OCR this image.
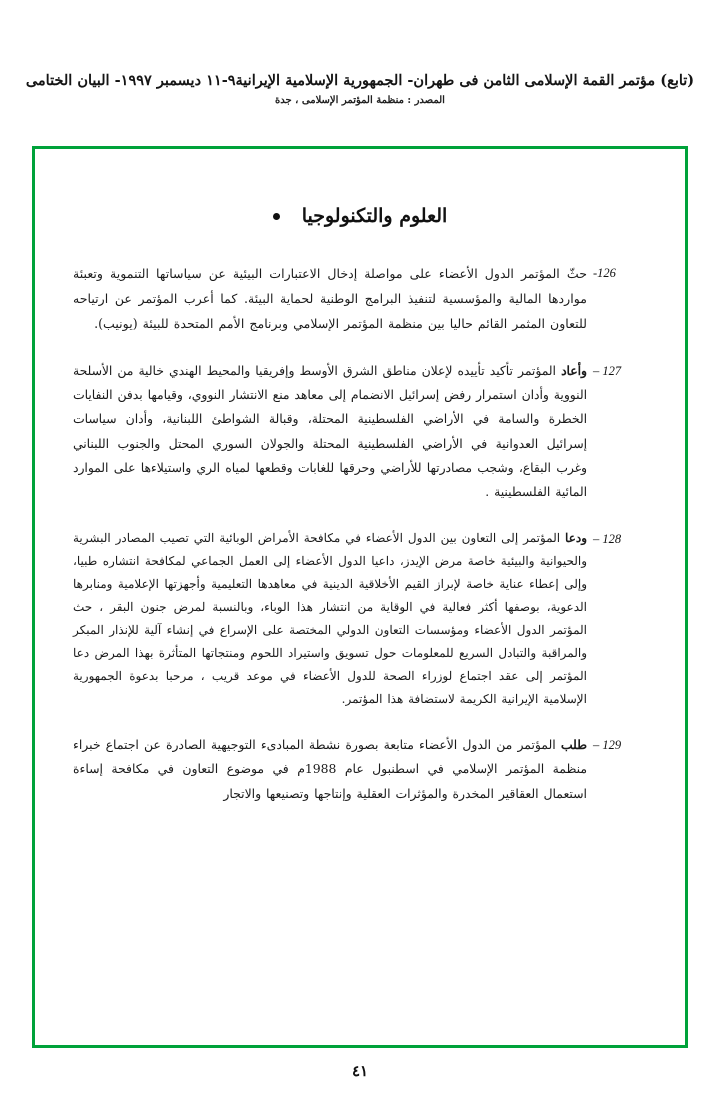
(تابع) مؤتمر القمة الإسلامى الثامن فى طهران- الجمهورية الإسلامية الإيرانية٩-١١ ديسمبر ١٩٩٧- البيان الختامى
المصدر : منظمة المؤتمر الإسلامى ، جدة
العلوم والتكنولوجيا
126-
حثّ المؤتمر الدول الأعضاء على مواصلة إدخال الاعتبارات البيئية عن سياساتها التنموية وتعبئة مواردها المالية والمؤسسية لتنفيذ البرامج الوطنية لحماية البيئة. كما أعرب المؤتمر عن ارتياحه للتعاون المثمر القائم حاليا بين منظمة المؤتمر الإسلامي وبرنامج الأمم المتحدة للبيئة (يونيب).
127 –
وأعاد المؤتمر تأكيد تأييده لإعلان مناطق الشرق الأوسط وإفريقيا والمحيط الهندي خالية من الأسلحة النووية وأدان استمرار رفض إسرائيل الانضمام إلى معاهد منع الانتشار النووي، وقيامها بدفن النفايات الخطرة والسامة في الأراضي الفلسطينية المحتلة، وقبالة الشواطئ اللبنانية، وأدان سياسات إسرائيل العدوانية في الأراضي الفلسطينية المحتلة والجولان السوري المحتل والجنوب اللبناني وغرب البقاع، وشجب مصادرتها للأراضي وحرقها للغابات وقطعها لمياه الري واستيلاءها على الموارد المائية الفلسطينية .
128 –
ودعا المؤتمر إلى التعاون بين الدول الأعضاء في مكافحة الأمراض الوبائية التي تصيب المصادر البشرية والحيوانية والبيئية خاصة مرض الإيدز، داعيا الدول الأعضاء إلى العمل الجماعي لمكافحة انتشاره طبيا، وإلى إعطاء عناية خاصة لإبراز القيم الأخلاقية الدينية في معاهدها التعليمية وأجهزتها الإعلامية ومنابرها الدعوية، بوصفها أكثر فعالية في الوقاية من انتشار هذا الوباء، وبالنسبة لمرض جنون البقر ، حث المؤتمر الدول الأعضاء ومؤسسات التعاون الدولي المختصة على الإسراع في إنشاء آلية للإنذار المبكر والمراقبة والتبادل السريع للمعلومات حول تسويق واستيراد اللحوم ومنتجاتها المتأثرة بهذا المرض دعا المؤتمر إلى عقد اجتماع لوزراء الصحة للدول الأعضاء في موعد قريب ، مرحبا بدعوة الجمهورية الإسلامية الإيرانية الكريمة لاستضافة هذا المؤتمر.
129 –
طلب المؤتمر من الدول الأعضاء متابعة بصورة نشطة المبادىء التوجيهية الصادرة عن اجتماع خبراء منظمة المؤتمر الإسلامي في اسطنبول عام 1988م في موضوع التعاون في مكافحة إساءة استعمال العقاقير المخدرة والمؤثرات العقلية وإنتاجها وتصنيعها والاتجار
٤١
